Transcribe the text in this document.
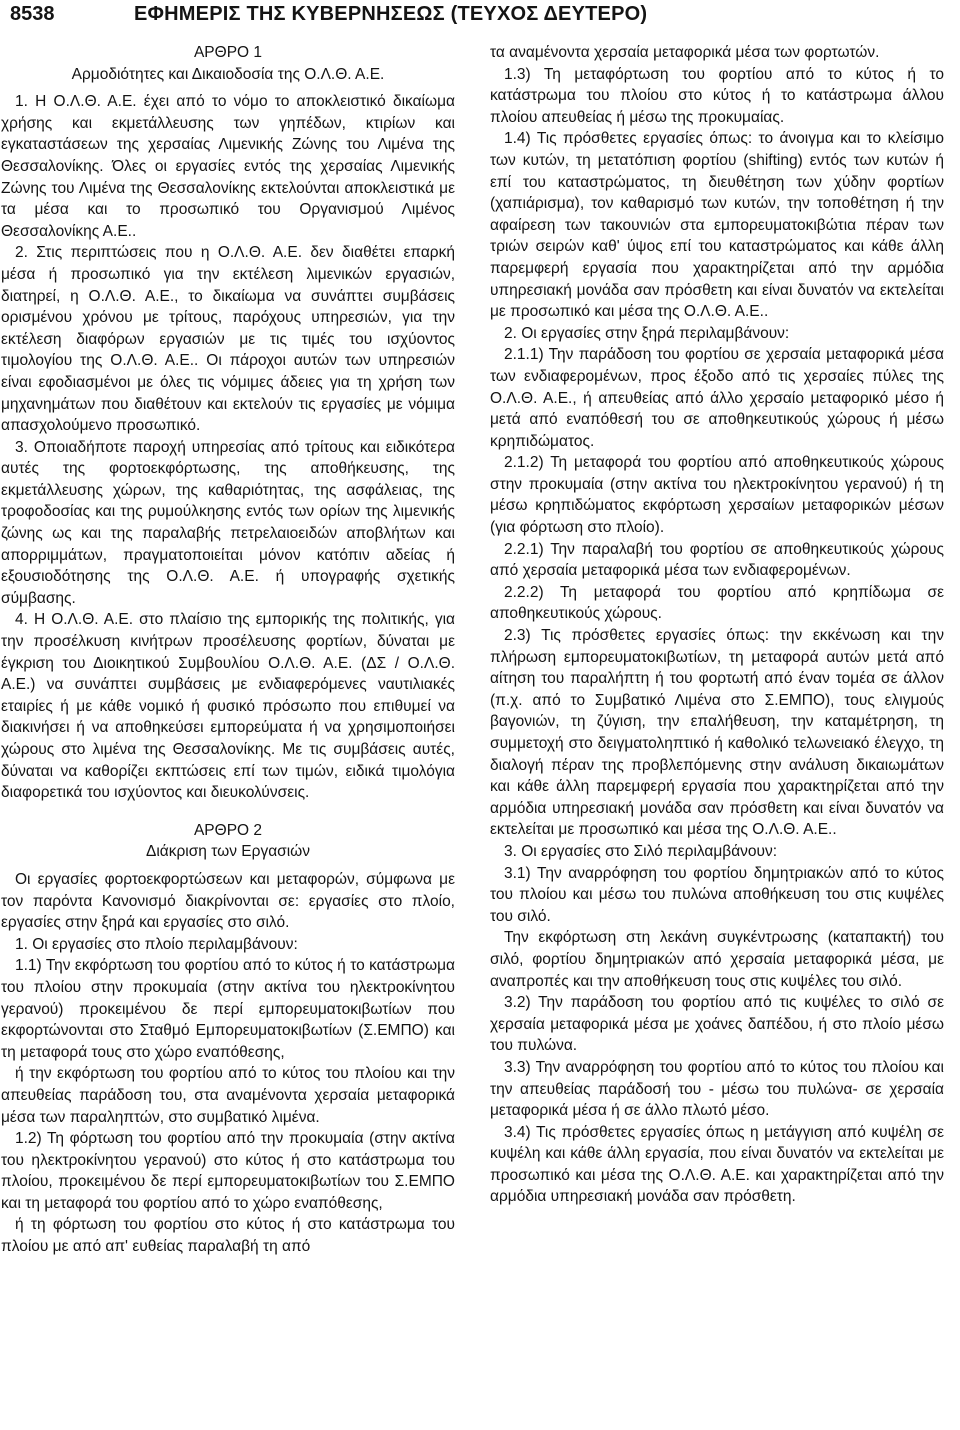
8538	ΕΦΗΜΕΡΙΣ ΤΗΣ ΚΥΒΕΡΝΗΣΕΩΣ (ΤΕΥΧΟΣ ΔΕΥΤΕΡΟ)

ΑΡΘΡΟ 1

Αρμοδιότητες και Δικαιοδοσία της Ο.Λ.Θ. Α.Ε.

1. Η Ο.Λ.Θ. Α.Ε. έχει από το νόμο το αποκλειστικό δικαίωμα χρήσης και εκμετάλλευσης των γηπέδων, κτιρίων και εγκαταστάσεων της χερσαίας Λιμενικής Ζώνης του Λιμένα της Θεσσαλονίκης. Όλες οι εργασίες εντός της χερσαίας Λιμενικής Ζώνης του Λιμένα της Θεσσαλονίκης εκτελούνται αποκλειστικά με τα μέσα και το προσωπικό του Οργανισμού Λιμένος Θεσσαλονίκης Α.Ε..

2. Στις περιπτώσεις που η Ο.Λ.Θ. Α.Ε. δεν διαθέτει επαρκή μέσα ή προσωπικό για την εκτέλεση λιμενικών εργασιών, διατηρεί, η Ο.Λ.Θ. Α.Ε., το δικαίωμα να συνάπτει συμβάσεις ορισμένου χρόνου με τρίτους, παρόχους υπηρεσιών, για την εκτέλεση διαφόρων εργασιών με τις τιμές του ισχύοντος τιμολογίου της Ο.Λ.Θ. Α.Ε.. Οι πάροχοι αυτών των υπηρεσιών είναι εφοδιασμένοι με όλες τις νόμιμες άδειες για τη χρήση των μηχανημάτων που διαθέτουν και εκτελούν τις εργασίες με νόμιμα απασχολούμενο προσωπικό.

3. Οποιαδήποτε παροχή υπηρεσίας από τρίτους και ειδικότερα αυτές της φορτοεκφόρτωσης, της αποθήκευσης, της εκμετάλλευσης χώρων, της καθαριότητας, της ασφάλειας, της τροφοδοσίας και της ρυμούλκησης εντός των ορίων της λιμενικής ζώνης ως και της παραλαβής πετρελαιοειδών αποβλήτων και απορριμμάτων, πραγματοποιείται μόνον κατόπιν αδείας ή εξουσιοδότησης της Ο.Λ.Θ. Α.Ε. ή υπογραφής σχετικής σύμβασης.

4. Η Ο.Λ.Θ. Α.Ε. στο πλαίσιο της εμπορικής της πολιτικής, για την προσέλκυση κινήτρων προσέλευσης φορτίων, δύναται με έγκριση του Διοικητικού Συμβουλίου Ο.Λ.Θ. Α.Ε. (ΔΣ / Ο.Λ.Θ. Α.Ε.) να συνάπτει συμβάσεις με ενδιαφερόμενες ναυτιλιακές εταιρίες ή με κάθε νομικό ή φυσικό πρόσωπο που επιθυμεί να διακινήσει ή να αποθηκεύσει εμπορεύματα ή να χρησιμοποιήσει χώρους στο λιμένα της Θεσσαλονίκης. Με τις συμβάσεις αυτές, δύναται να καθορίζει εκπτώσεις επί των τιμών, ειδικά τιμολόγια διαφορετικά του ισχύοντος και διευκολύνσεις.

ΑΡΘΡΟ 2

Διάκριση των Εργασιών

Οι εργασίες φορτοεκφορτώσεων και μεταφορών, σύμφωνα με τον παρόντα Κανονισμό διακρίνονται σε: εργασίες στο πλοίο, εργασίες στην ξηρά και εργασίες στο σιλό.

1. Οι εργασίες στο πλοίο περιλαμβάνουν:

1.1) Την εκφόρτωση του φορτίου από το κύτος ή το κατάστρωμα του πλοίου στην προκυμαία (στην ακτίνα του ηλεκτροκίνητου γερανού) προκειμένου δε περί εμπορευματοκιβωτίων που εκφορτώνονται στο Σταθμό Εμπορευματοκιβωτίων (Σ.ΕΜΠΟ) και τη μεταφορά τους στο χώρο εναπόθεσης,

ή την εκφόρτωση του φορτίου από το κύτος του πλοίου και την απευθείας παράδοση του, στα αναμένοντα χερσαία μεταφορικά μέσα των παραληπτών, στο συμβατικό λιμένα.

1.2) Τη φόρτωση του φορτίου από την προκυμαία (στην ακτίνα του ηλεκτροκίνητου γερανού) στο κύτος ή στο κατάστρωμα του πλοίου, προκειμένου δε περί εμπορευματοκιβωτίων του Σ.ΕΜΠΟ και τη μεταφορά του φορτίου από το χώρο εναπόθεσης,

ή τη φόρτωση του φορτίου στο κύτος ή στο κατάστρωμα του πλοίου με από απ' ευθείας παραλαβή τη από

τα αναμένοντα χερσαία μεταφορικά μέσα των φορτωτών.

1.3) Τη μεταφόρτωση του φορτίου από το κύτος ή το κατάστρωμα του πλοίου στο κύτος ή το κατάστρωμα άλλου πλοίου απευθείας ή μέσω της προκυμαίας.

1.4) Τις πρόσθετες εργασίες όπως: το άνοιγμα και το κλείσιμο των κυτών, τη μετατόπιση φορτίου (shifting) εντός των κυτών ή επί του καταστρώματος, τη διευθέτηση των χύδην φορτίων (χαπιάρισμα), τον καθαρισμό των κυτών, την τοποθέτηση ή την αφαίρεση των τακουνιών στα εμπορευματοκιβώτια πέραν των τριών σειρών καθ' ύψος επί του καταστρώματος και κάθε άλλη παρεμφερή εργασία που χαρακτηρίζεται από την αρμόδια υπηρεσιακή μονάδα σαν πρόσθετη και είναι δυνατόν να εκτελείται με προσωπικό και μέσα της Ο.Λ.Θ. Α.Ε..

2. Οι εργασίες στην ξηρά περιλαμβάνουν:

2.1.1) Την παράδοση του φορτίου σε χερσαία μεταφορικά μέσα των ενδιαφερομένων, προς έξοδο από τις χερσαίες πύλες της Ο.Λ.Θ. Α.Ε., ή απευθείας από άλλο χερσαίο μεταφορικό μέσο ή μετά από εναπόθεσή του σε αποθηκευτικούς χώρους ή μέσω κρηπιδώματος.

2.1.2) Τη μεταφορά του φορτίου από αποθηκευτικούς χώρους στην προκυμαία (στην ακτίνα του ηλεκτροκίνητου γερανού) ή τη μέσω κρηπιδώματος εκφόρτωση χερσαίων μεταφορικών μέσων (για φόρτωση στο πλοίο).

2.2.1) Την παραλαβή του φορτίου σε αποθηκευτικούς χώρους από χερσαία μεταφορικά μέσα των ενδιαφερομένων.

2.2.2) Τη μεταφορά του φορτίου από κρηπίδωμα σε αποθηκευτικούς χώρους.

2.3) Τις πρόσθετες εργασίες όπως: την εκκένωση και την πλήρωση εμπορευματοκιβωτίων, τη μεταφορά αυτών μετά από αίτηση του παραλήπτη ή του φορτωτή από έναν τομέα σε άλλον (π.χ. από το Συμβατικό Λιμένα στο Σ.ΕΜΠΟ), τους ελιγμούς βαγονιών, τη ζύγιση, την επαλήθευση, την καταμέτρηση, τη συμμετοχή στο δειγματοληπτικό ή καθολικό τελωνειακό έλεγχο, τη διαλογή πέραν της προβλεπόμενης στην ανάλυση δικαιωμάτων και κάθε άλλη παρεμφερή εργασία που χαρακτηρίζεται από την αρμόδια υπηρεσιακή μονάδα σαν πρόσθετη και είναι δυνατόν να εκτελείται με προσωπικό και μέσα της Ο.Λ.Θ. Α.Ε..

3. Οι εργασίες στο Σιλό περιλαμβάνουν:

3.1) Την αναρρόφηση του φορτίου δημητριακών από το κύτος του πλοίου και μέσω του πυλώνα αποθήκευση του στις κυψέλες του σιλό.

Την εκφόρτωση στη λεκάνη συγκέντρωσης (καταπακτή) του σιλό, φορτίου δημητριακών από χερσαία μεταφορικά μέσα, με αναπροπές και την αποθήκευση τους στις κυψέλες του σιλό.

3.2) Την παράδοση του φορτίου από τις κυψέλες το σιλό σε χερσαία μεταφορικά μέσα με χοάνες δαπέδου, ή στο πλοίο μέσω του πυλώνα.

3.3) Την αναρρόφηση του φορτίου από το κύτος του πλοίου και την απευθείας παράδοσή του - μέσω του πυλώνα- σε χερσαία μεταφορικά μέσα ή σε άλλο πλωτό μέσο.

3.4) Τις πρόσθετες εργασίες όπως η μετάγγιση από κυψέλη σε κυψέλη και κάθε άλλη εργασία, που είναι δυνατόν να εκτελείται με προσωπικό και μέσα της Ο.Λ.Θ. Α.Ε. και χαρακτηρίζεται από την αρμόδια υπηρεσιακή μονάδα σαν πρόσθετη.
